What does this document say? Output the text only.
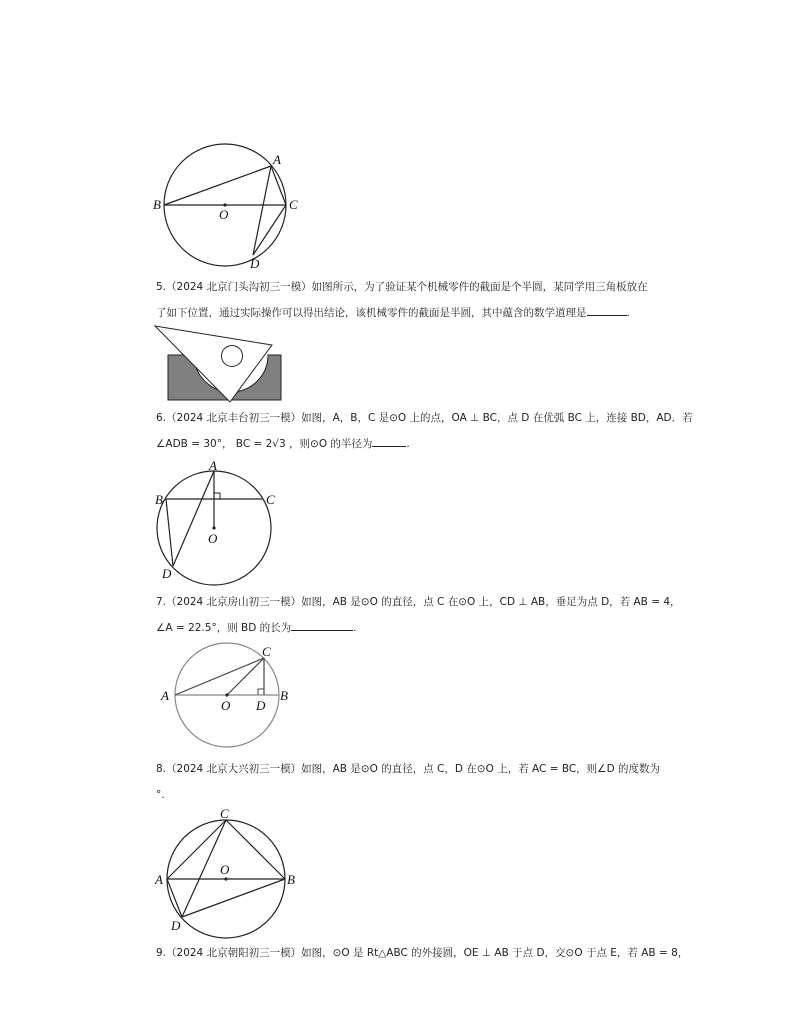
A
B	C
D
O
5.（2024 北京门头沟初三一模）如图所示，为了验证某个机械零件的截面是个半圆，某同学用三角板放在
了如下位置，通过实际操作可以得出结论，该机械零件的截面是半圆，其中蕴含的数学道理是	.
6.（2024 北京丰台初三一模）如图，A，B，C 是⊙O 上的点，OA ⊥ BC，点 D 在优弧 BC 上，连接 BD，AD．若
∠ADB = 30°， BC = 2√3 ，则⊙O 的半径为	.
A
B	C
D
O
7.（2024 北京房山初三一模）如图，AB 是⊙O 的直径，点 C 在⊙O 上，CD ⊥ AB，垂足为点 D，若 AB = 4，
∠A = 22.5°，则 BD 的长为	.
C
A	B
O D
8.（2024 北京大兴初三一模）如图，AB 是⊙O 的直径，点 C，D 在⊙O 上，若 AC = BC，则∠D 的度数为
°.
C
A	B
O
D
9.（2024 北京朝阳初三一模）如图，⊙O 是 Rt△ABC 的外接圆，OE ⊥ AB 于点 D，交⊙O 于点 E，若 AB = 8，
